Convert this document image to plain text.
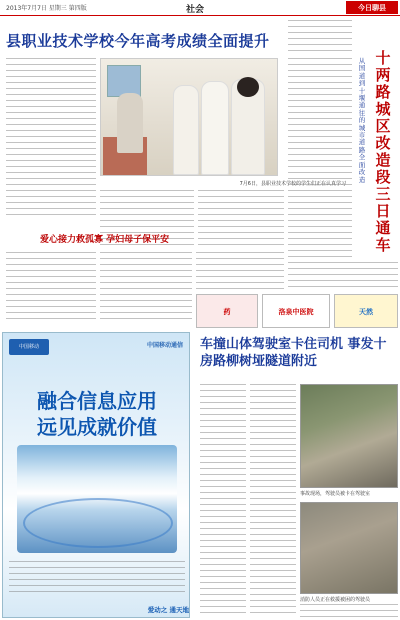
2013年7月7日 星期三 第四版	社会	今日聊县
县职业技术学校今年高考成绩全面提升
7月6日，县职业技术学校的学生们正在认真学习
爱心接力救孤寡 孕妇母子保平安
从国道到十堰通往的城市道路全面改造
十两路城区改造段三日通车
药	洛泉中医院	天然
中国移动	中国移动通信
融合信息应用
远见成就价值
爱动之 通天地
车撞山体驾驶室卡住司机 事发十房路柳树垭隧道附近
事故现场，驾驶员被卡在驾驶室
消防人员正在救援被困的驾驶员
